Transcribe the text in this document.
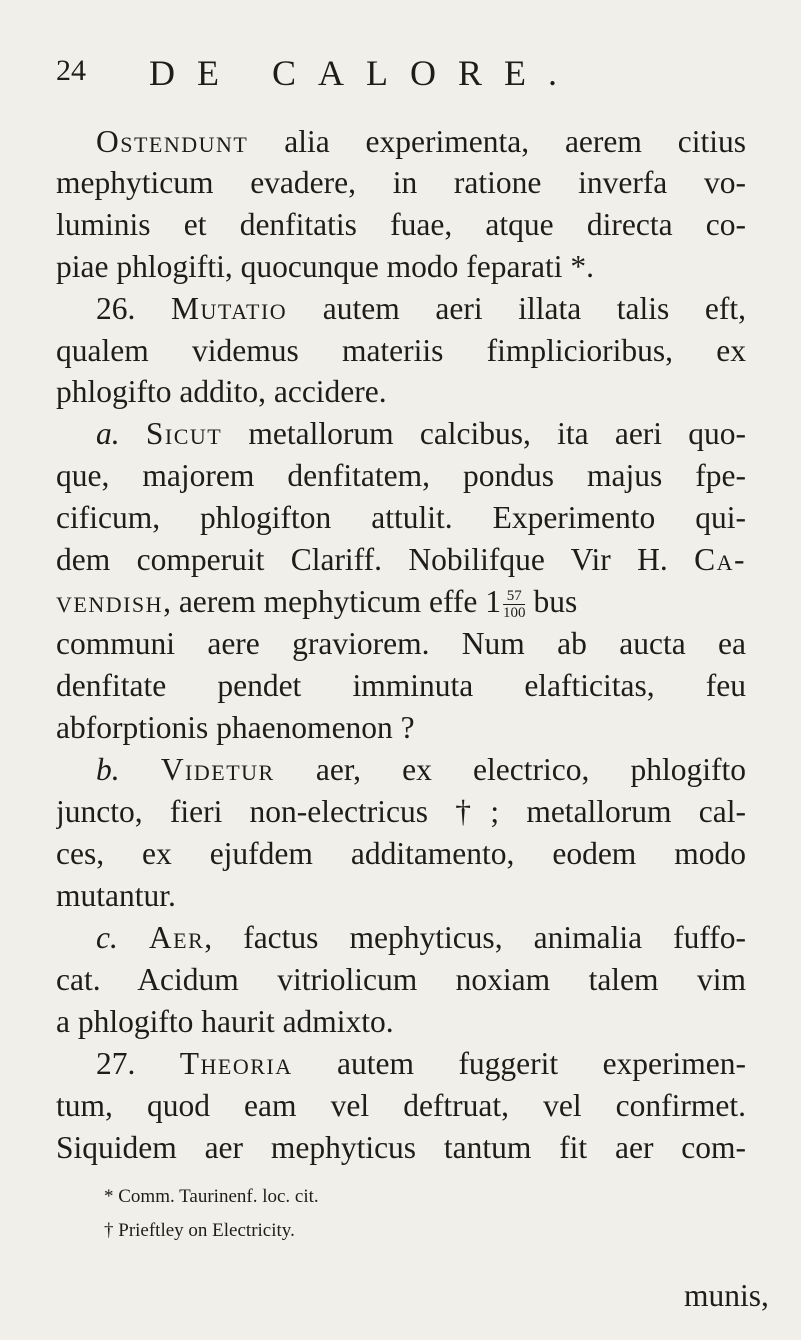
24 DE CALORE.
Ostendunt alia experimenta, aerem citius
mephyticum evadere, in ratione inverfa vo-
luminis et denfitatis fuae, atque directa co-
piae phlogifti, quocunque modo feparati *.
26. Mutatio autem aeri illata talis eft,
qualem videmus materiis fimplicioribus, ex
phlogifto addito, accidere.
a. Sicut metallorum calcibus, ita aeri quo-
que, majorem denfitatem, pondus majus fpe-
cificum, phlogifton attulit. Experimento qui-
dem comperuit Clariff. Nobilifque Vir H. Ca-
vendish, aerem mephyticum effe $1 \frac{57}{100}$ bus
communi aere graviorem. Num ab aucta ea
denfitate pendet imminuta elafticitas, feu
abforptionis phaenomenon ?
b. Videtur aer, ex electrico, phlogifto
juncto, fieri non-electricus †; metallorum cal-
ces, ex ejufdem additamento, eodem modo
mutantur.
c. Aer, factus mephyticus, animalia fuffo-
cat. Acidum vitriolicum noxiam talem vim
a phlogifto haurit admixto.
27. Theoria autem fuggerit experimen-
tum, quod eam vel deftruat, vel confirmet.
Siquidem aer mephyticus tantum fit aer com-
* Comm. Taurinenf. loc. cit.
† Prieftley on Electricity.
munis,
